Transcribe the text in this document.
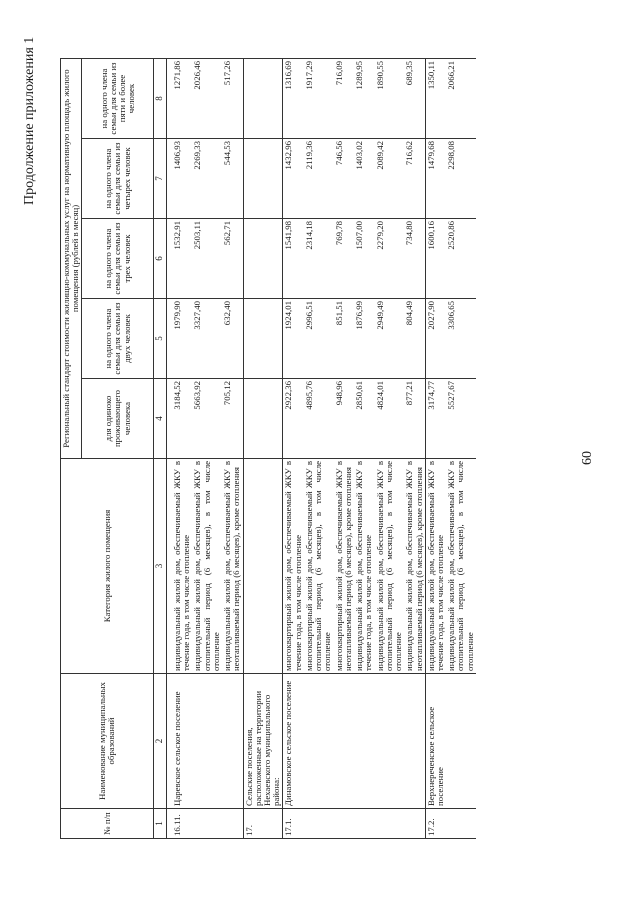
60
Продолжение приложения 1
№ п/п	Наименование муниципальных образований	Категория жилого помещения	Региональный стандарт стоимости жилищно-коммунальных услуг на нормативную площадь жилого помещения (рублей в месяц)				
			для одиноко проживающего человека	на одного члена семьи для семьи из двух человек	на одного члена семьи для семьи из трех человек	на одного члена семьи для семьи из четырех человек	на одного члена семьи для семьи из пяти и более человек
1	2	3	4	5	6	7	8

16.11.	Царевское сельское поселение	индивидуальный жилой дом, обеспечиваемый ЖКУ в течение года, в том числе отопление	3184,52	1979,90	1532,91	1406,93	1271,86
		индивидуальный жилой дом, обеспечиваемый ЖКУ в отопительный период (6 месяцев), в том числе отопление	5663,92	3327,40	2503,11	2269,33	2026,46
		индивидуальный жилой дом, обеспечиваемый ЖКУ в неотапливаемый период (6 месяцев), кроме отопления	705,12	632,40	562,71	544,53	517,26
17.	Сельские поселения, расположенные на территории Нехаевского муниципального района:						
17.1.	Динамовское сельское поселение	многоквартирный жилой дом, обеспечиваемый ЖКУ в течение года, в том числе отопление	2922,36	1924,01	1541,98	1432,96	1316,69
		многоквартирный жилой дом, обеспечиваемый ЖКУ в отопительный период (6 месяцев), в том числе отопление	4895,76	2996,51	2314,18	2119,36	1917,29
		многоквартирный жилой дом, обеспечиваемый ЖКУ в неотапливаемый период (6 месяцев), кроме отопления	948,96	851,51	769,78	746,56	716,09
		индивидуальный жилой дом, обеспечиваемый ЖКУ в течение года, в том числе отопление	2850,61	1876,99	1507,00	1403,02	1289,95
		индивидуальный жилой дом, обеспечиваемый ЖКУ в отопительный период (6 месяцев), в том числе отопление	4824,01	2949,49	2279,20	2089,42	1890,55
		индивидуальный жилой дом, обеспечиваемый ЖКУ в неотапливаемый период (6 месяцев), кроме отопления	877,21	804,49	734,80	716,62	689,35
17.2.	Верхнереченское сельское поселение	индивидуальный жилой дом, обеспечиваемый ЖКУ в течение года, в том числе отопление	3174,77	2027,90	1600,16	1479,68	1350,11
		индивидуальный жилой дом, обеспечиваемый ЖКУ в отопительный период (6 месяцев), в том числе отопление	5527,67	3306,65	2520,86	2298,08	2066,21
